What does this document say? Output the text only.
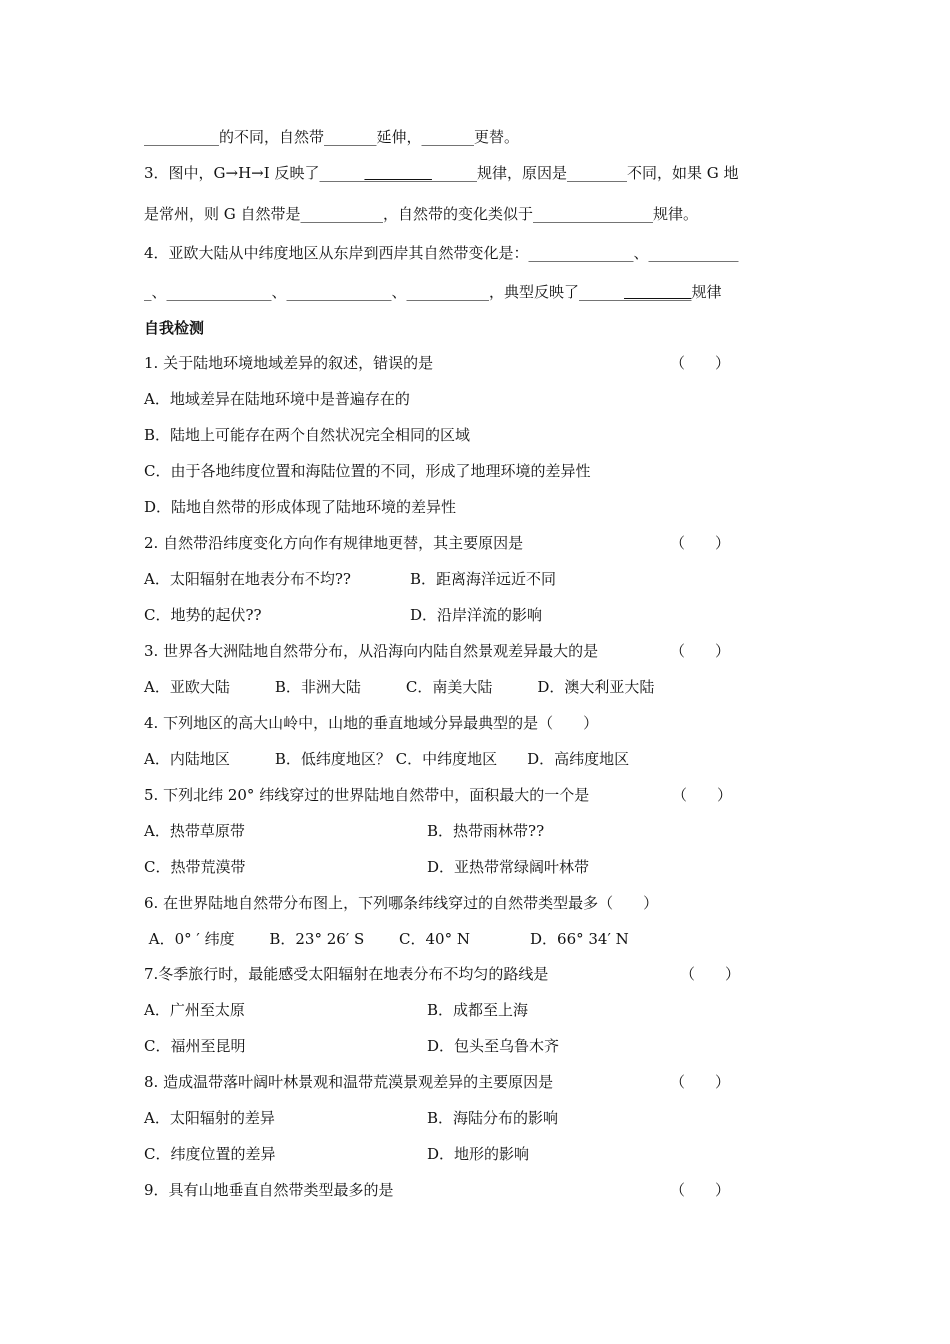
__________的不同，自然带_______延伸，_______更替。
3．图中，G→H→I 反映了_____________________规律，原因是________不同，如果 G 地
是常州，则 G 自然带是___________，自然带的变化类似于________________规律。
4．亚欧大陆从中纬度地区从东岸到西岸其自然带变化是：______________、____________
_、______________、______________、___________，典型反映了_______________规律
自我检测
1. 关于陆地环境地域差异的叙述，错误的是	（　　）
A．地域差异在陆地环境中是普遍存在的
B．陆地上可能存在两个自然状况完全相同的区域
C．由于各地纬度位置和海陆位置的不同，形成了地理环境的差异性
D．陆地自然带的形成体现了陆地环境的差异性
2. 自然带沿纬度变化方向作有规律地更替，其主要原因是	（　　）
A．太阳辐射在地表分布不均??	B．距离海洋远近不同
C．地势的起伏??	D．沿岸洋流的影响
3. 世界各大洲陆地自然带分布，从沿海向内陆自然景观差异最大的是	（　　）
A．亚欧大陆　　　B．非洲大陆　　　C．南美大陆　　　D．澳大利亚大陆
4. 下列地区的高大山岭中，山地的垂直地域分异最典型的是（　　）
A．内陆地区　　　B．低纬度地区？ C．中纬度地区　　D．高纬度地区
5. 下列北纬 20° 纬线穿过的世界陆地自然带中，面积最大的一个是	（　　）
A．热带草原带	B．热带雨林带??
C．热带荒漠带	D．亚热带常绿阔叶林带
6. 在世界陆地自然带分布图上，下列哪条纬线穿过的自然带类型最多（　　）
A．0° ′ 纬度　　 B．23° 26′ S　　 C．40° N　　　　D．66° 34′ N
7.冬季旅行时，最能感受太阳辐射在地表分布不均匀的路线是	（　　）
A．广州至太原	B．成都至上海
C．福州至昆明	D．包头至乌鲁木齐
8. 造成温带落叶阔叶林景观和温带荒漠景观差异的主要原因是	（　　）
A．太阳辐射的差异	B．海陆分布的影响
C．纬度位置的差异	D．地形的影响
9．具有山地垂直自然带类型最多的是	（　　）
